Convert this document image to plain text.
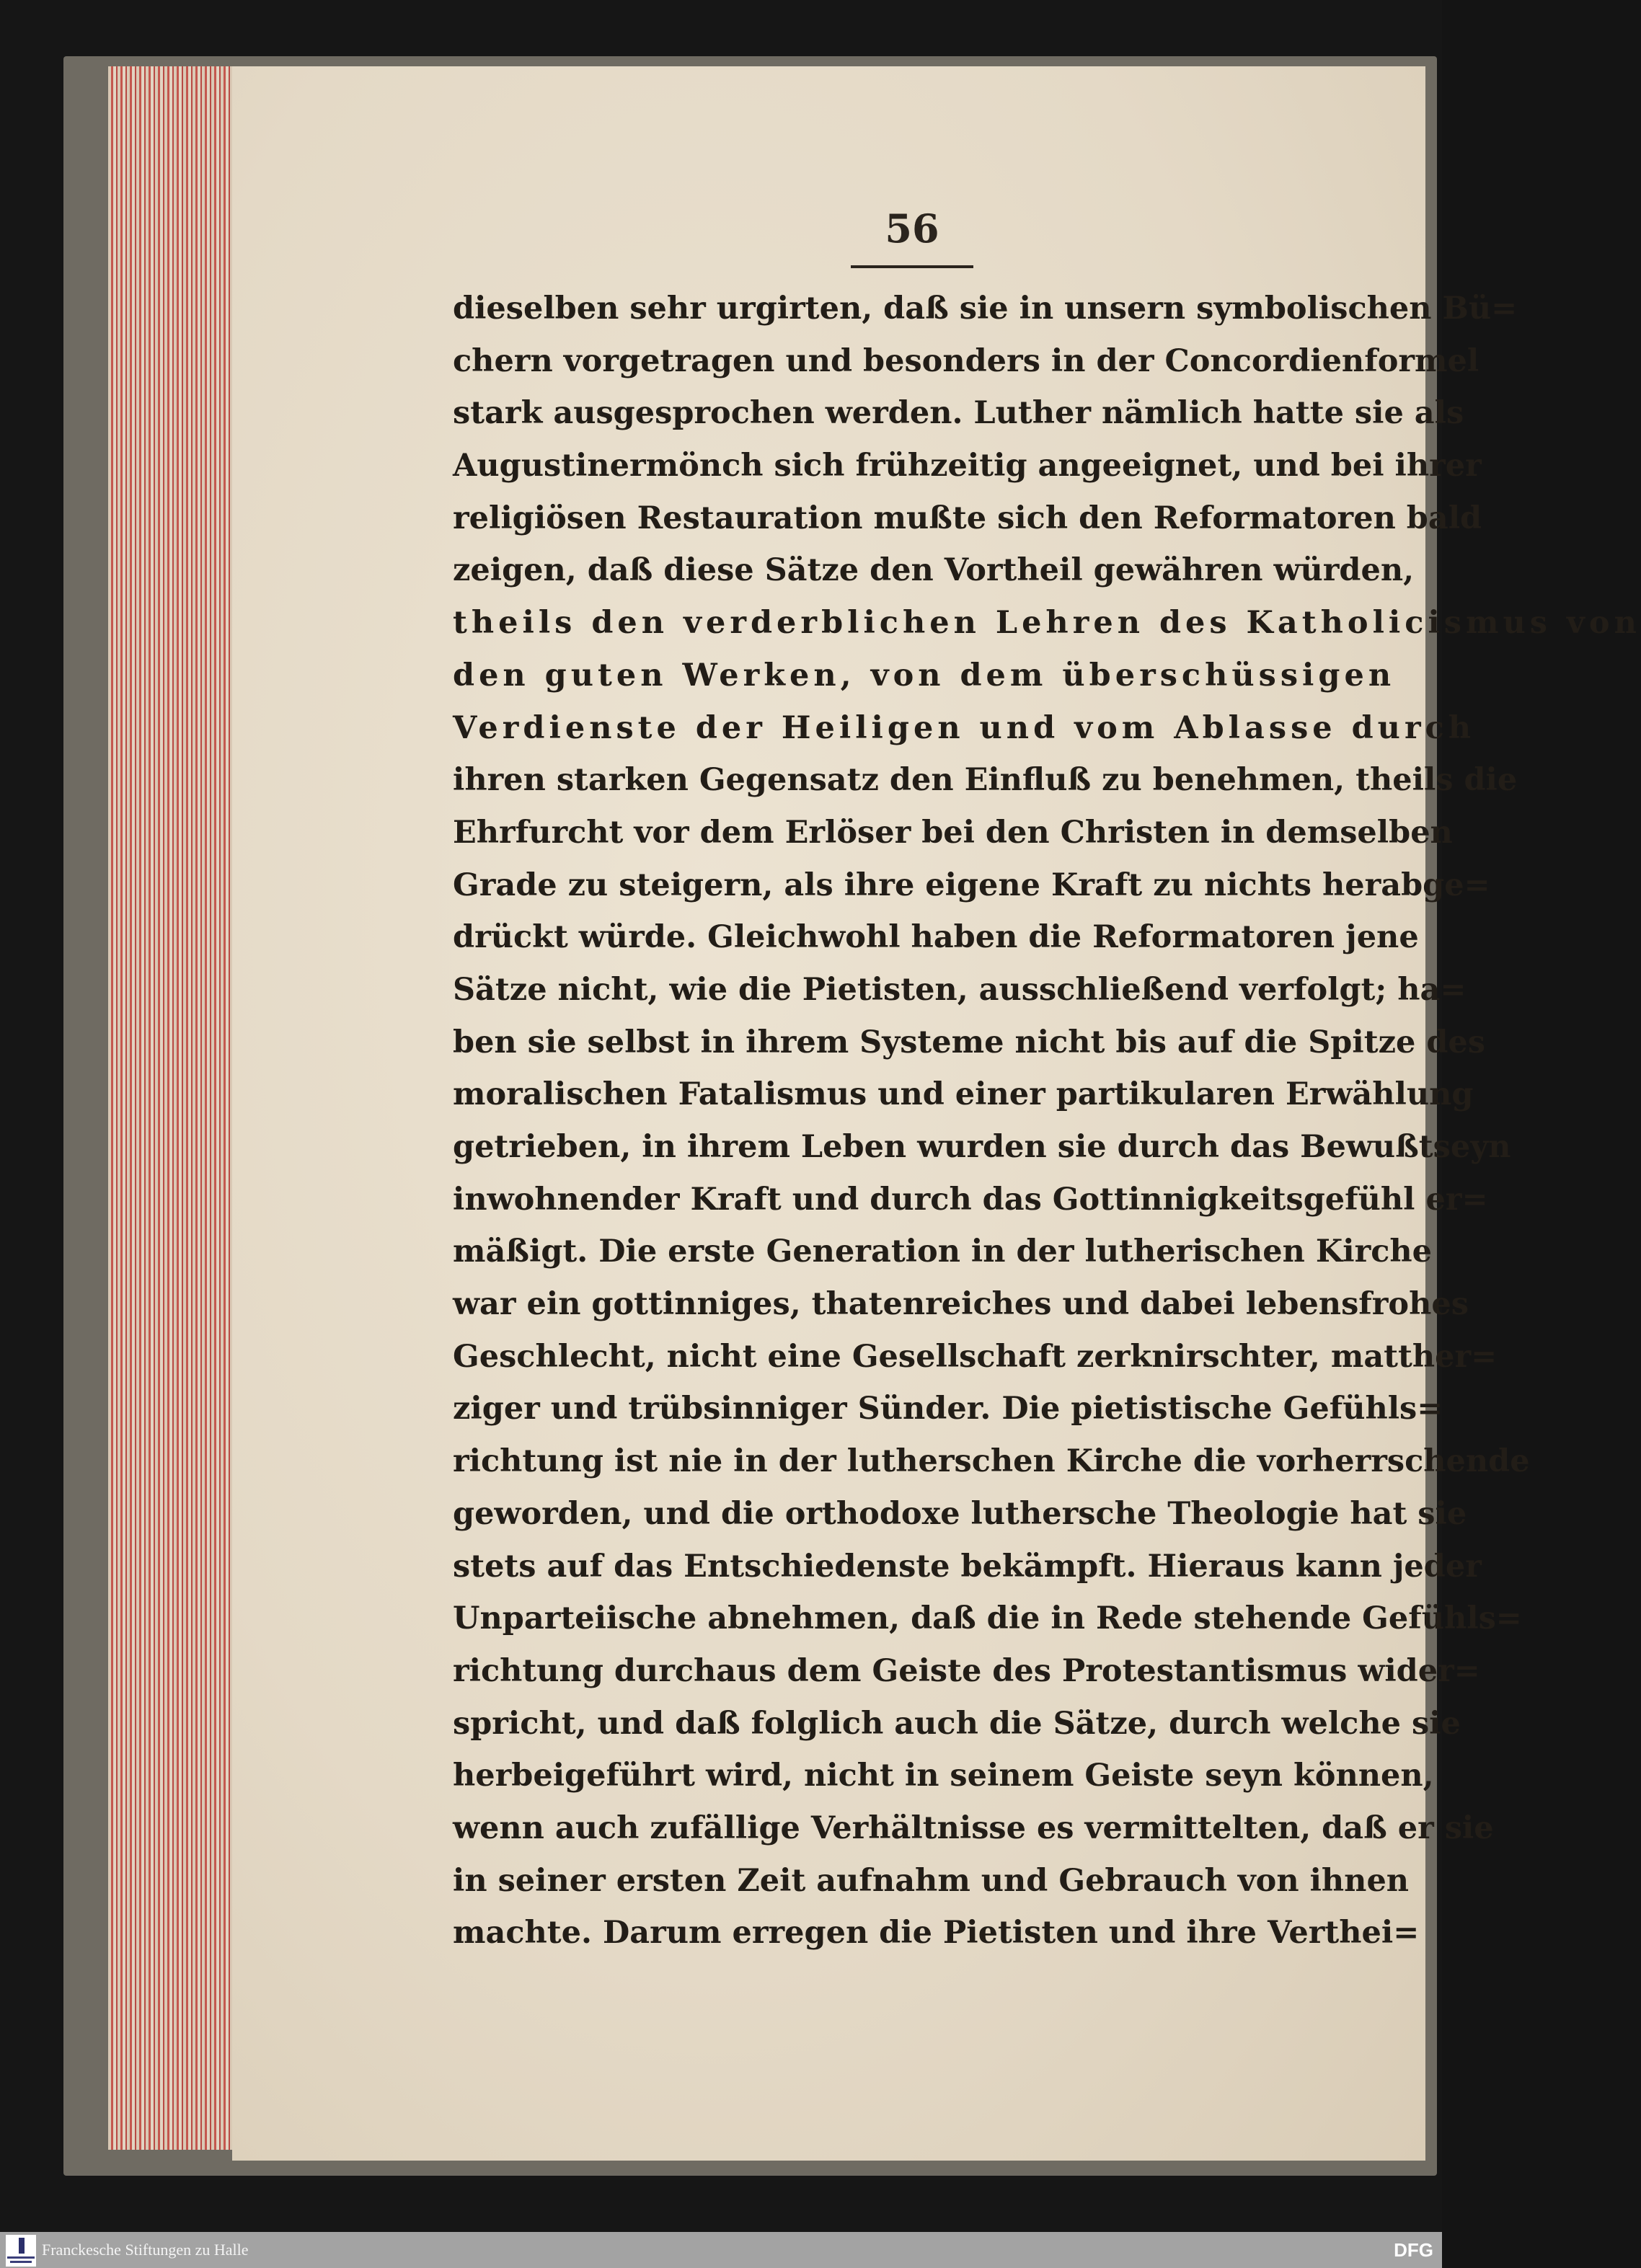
56
dieselben sehr urgirten, daß sie in unsern symbolischen Bü=
chern vorgetragen und besonders in der Concordienformel
stark ausgesprochen werden. Luther nämlich hatte sie als
Augustinermönch sich frühzeitig angeeignet, und bei ihrer
religiösen Restauration mußte sich den Reformatoren bald
zeigen, daß diese Sätze den Vortheil gewähren würden,
theils den verderblichen Lehren des Katholicismus von
den guten Werken, von dem überschüssigen
Verdienste der Heiligen und vom Ablasse durch
ihren starken Gegensatz den Einfluß zu benehmen, theils die
Ehrfurcht vor dem Erlöser bei den Christen in demselben
Grade zu steigern, als ihre eigene Kraft zu nichts herabge=
drückt würde. Gleichwohl haben die Reformatoren jene
Sätze nicht, wie die Pietisten, ausschließend verfolgt; ha=
ben sie selbst in ihrem Systeme nicht bis auf die Spitze des
moralischen Fatalismus und einer partikularen Erwählung
getrieben, in ihrem Leben wurden sie durch das Bewußtseyn
inwohnender Kraft und durch das Gottinnigkeitsgefühl er=
mäßigt. Die erste Generation in der lutherischen Kirche
war ein gottinniges, thatenreiches und dabei lebensfrohes
Geschlecht, nicht eine Gesellschaft zerknirschter, matther=
ziger und trübsinniger Sünder. Die pietistische Gefühls=
richtung ist nie in der lutherschen Kirche die vorherrschende
geworden, und die orthodoxe luthersche Theologie hat sie
stets auf das Entschiedenste bekämpft. Hieraus kann jeder
Unparteiische abnehmen, daß die in Rede stehende Gefühls=
richtung durchaus dem Geiste des Protestantismus wider=
spricht, und daß folglich auch die Sätze, durch welche sie
herbeigeführt wird, nicht in seinem Geiste seyn können,
wenn auch zufällige Verhältnisse es vermittelten, daß er sie
in seiner ersten Zeit aufnahm und Gebrauch von ihnen
machte. Darum erregen die Pietisten und ihre Verthei=
Franckesche Stiftungen zu Halle	DFG
